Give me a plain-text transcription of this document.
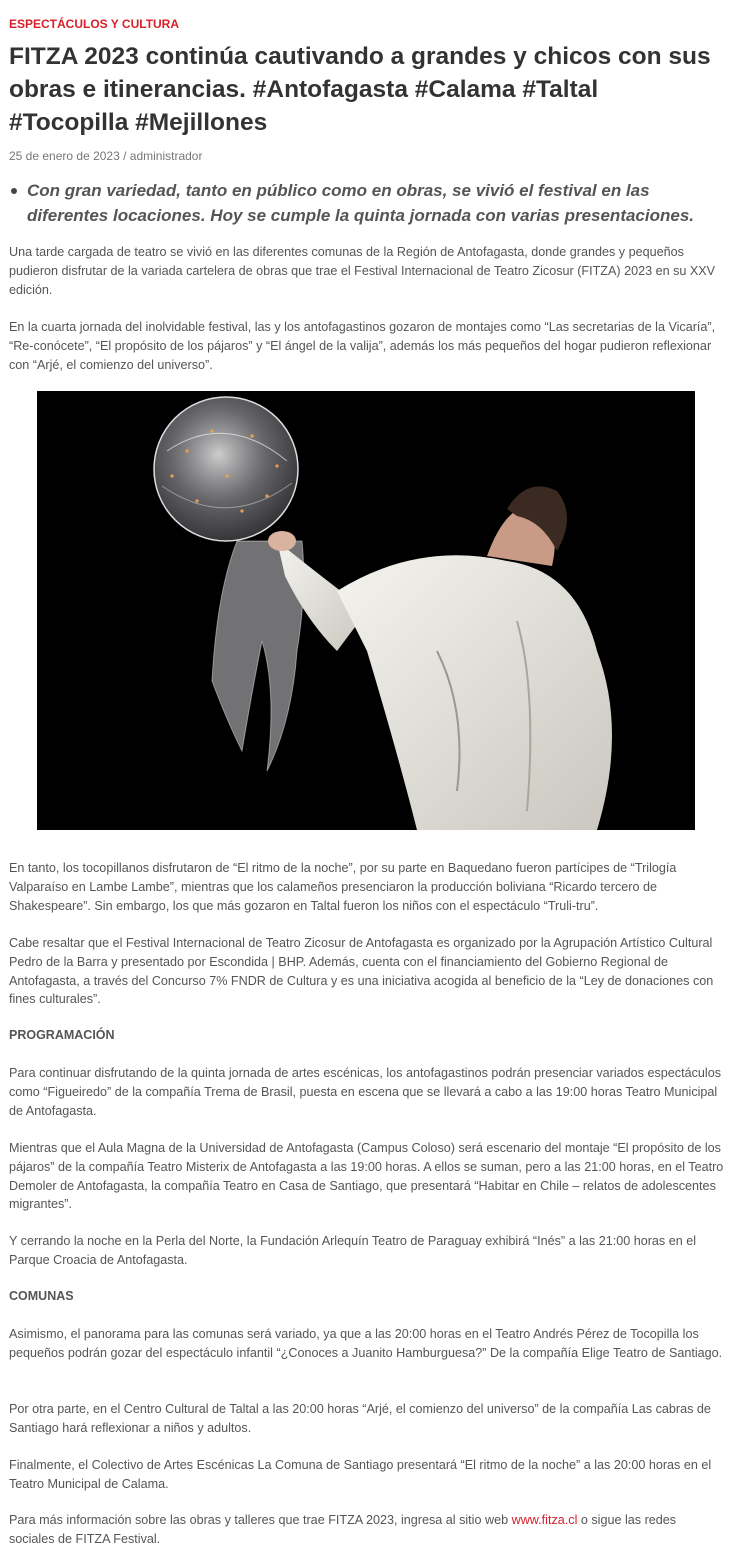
ESPECTÁCULOS Y CULTURA
FITZA 2023 continúa cautivando a grandes y chicos con sus obras e itinerancias. #Antofagasta #Calama #Taltal #Tocopilla #Mejillones
25 de enero de 2023 / administrador
Con gran variedad, tanto en público como en obras, se vivió el festival en las diferentes locaciones. Hoy se cumple la quinta jornada con varias presentaciones.

Una tarde cargada de teatro se vivió en las diferentes comunas de la Región de Antofagasta, donde grandes y pequeños pudieron disfrutar de la variada cartelera de obras que trae el Festival Internacional de Teatro Zicosur (FITZA) 2023 en su XXV edición.

En la cuarta jornada del inolvidable festival, las y los antofagastinos gozaron de montajes como “Las secretarias de la Vicaría”, “Re-conócete”, “El propósito de los pájaros” y “El ángel de la valija”, además los más pequeños del hogar pudieron reflexionar con “Arjé, el comienzo del universo”.

En tanto, los tocopillanos disfrutaron de “El ritmo de la noche”, por su parte en Baquedano fueron partícipes de “Trilogía Valparaíso en Lambe Lambe”, mientras que los calameños presenciaron la producción boliviana “Ricardo tercero de Shakespeare”. Sin embargo, los que más gozaron en Taltal fueron los niños con el espectáculo “Truli-tru”.

Cabe resaltar que el Festival Internacional de Teatro Zicosur de Antofagasta es organizado por la Agrupación Artístico Cultural Pedro de la Barra y presentado por Escondida | BHP. Además, cuenta con el financiamiento del Gobierno Regional de Antofagasta, a través del Concurso 7% FNDR de Cultura y es una iniciativa acogida al beneficio de la “Ley de donaciones con fines culturales”.

PROGRAMACIÓN

Para continuar disfrutando de la quinta jornada de artes escénicas, los antofagastinos podrán presenciar variados espectáculos como “Figueiredo” de la compañía Trema de Brasil, puesta en escena que se llevará a cabo a las 19:00 horas Teatro Municipal de Antofagasta.

Mientras que el Aula Magna de la Universidad de Antofagasta (Campus Coloso) será escenario del montaje “El propósito de los pájaros” de la compañía Teatro Misterix de Antofagasta a las 19:00 horas. A ellos se suman, pero a las 21:00 horas, en el Teatro Demoler de Antofagasta, la compañía Teatro en Casa de Santiago, que presentará “Habitar en Chile – relatos de adolescentes migrantes”.

Y cerrando la noche en la Perla del Norte, la Fundación Arlequín Teatro de Paraguay exhibirá “Inés” a las 21:00 horas en el Parque Croacia de Antofagasta.

COMUNAS

Asimismo, el panorama para las comunas será variado, ya que a las 20:00 horas en el Teatro Andrés Pérez de Tocopilla los pequeños podrán gozar del espectáculo infantil “¿Conoces a Juanito Hamburguesa?” De la compañía Elige Teatro de Santiago.

Por otra parte, en el Centro Cultural de Taltal a las 20:00 horas “Arjé, el comienzo del universo” de la compañía Las cabras de Santiago hará reflexionar a niños y adultos.

Finalmente, el Colectivo de Artes Escénicas La Comuna de Santiago presentará “El ritmo de la noche” a las 20:00 horas en el Teatro Municipal de Calama.

Para más información sobre las obras y talleres que trae FITZA 2023, ingresa al sitio web www.fitza.cl o sigue las redes sociales de FITZA Festival.
